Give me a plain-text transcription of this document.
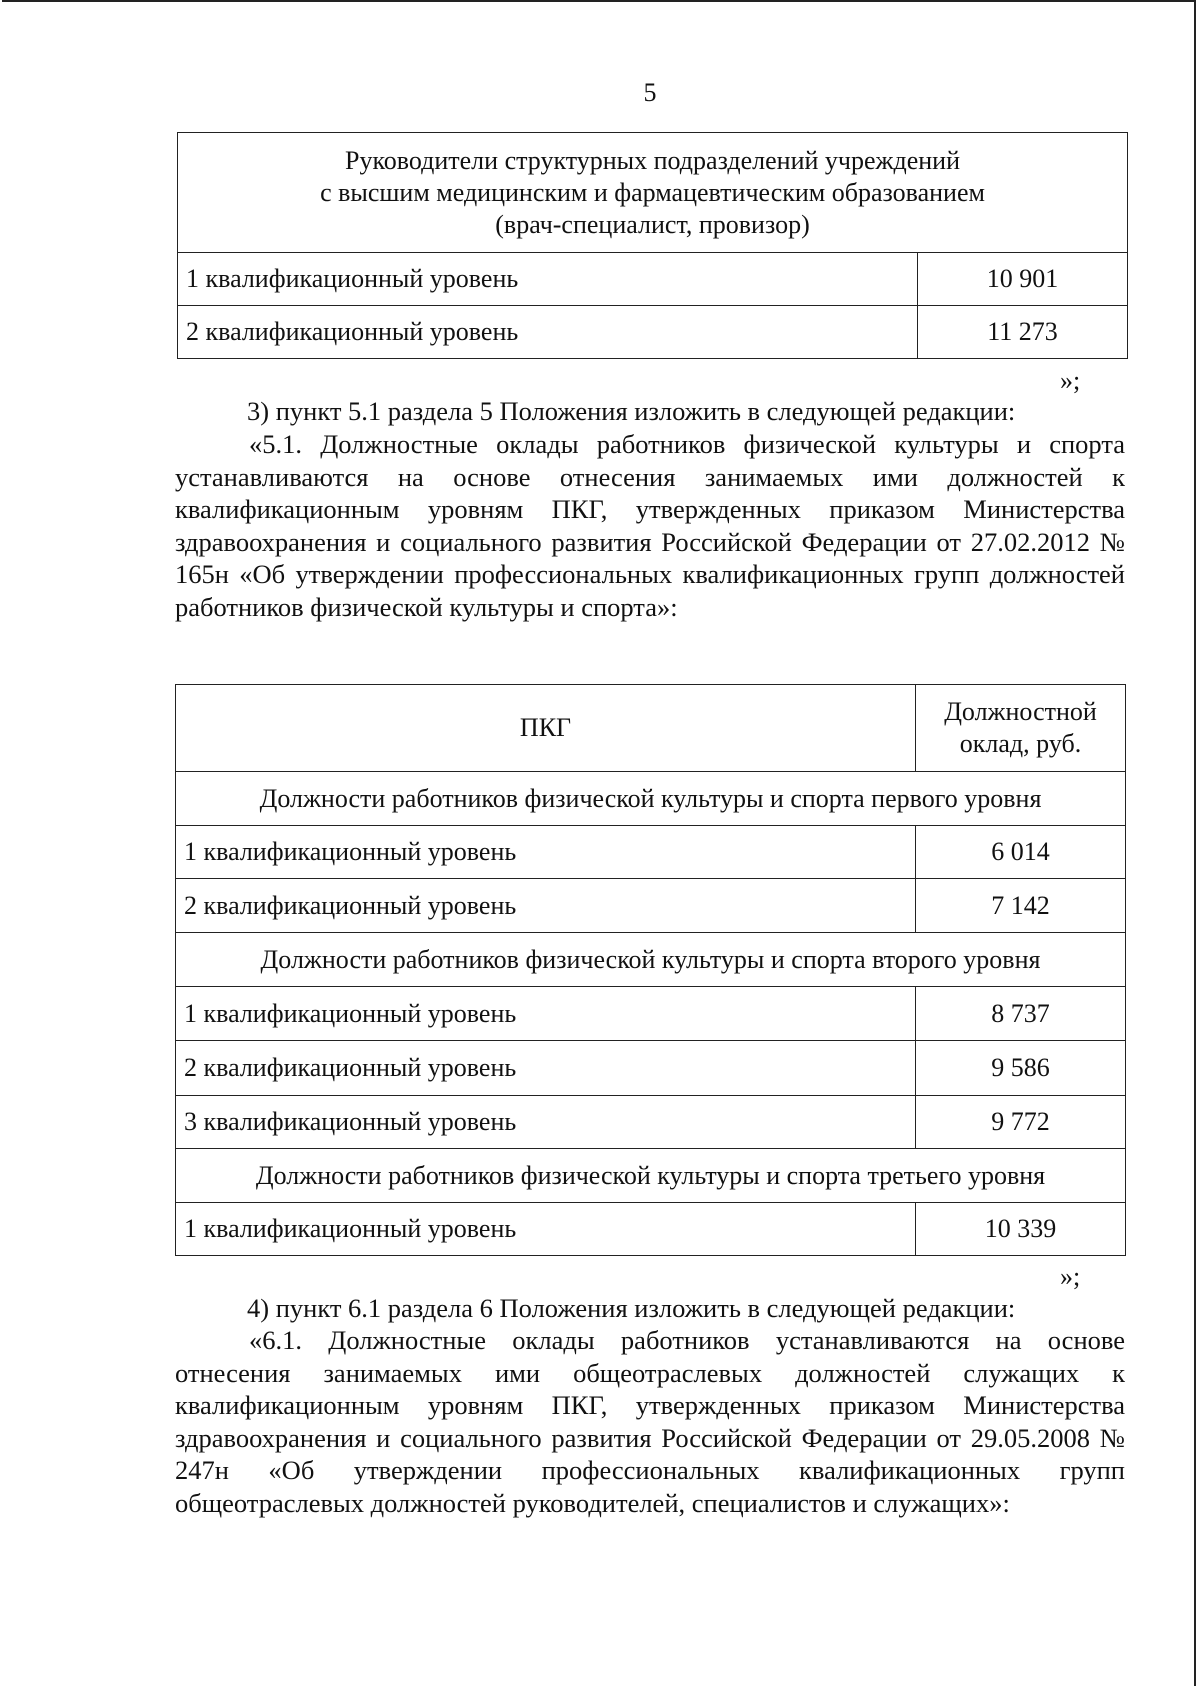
5
Руководители структурных подразделений учреждений
с высшим медицинским и фармацевтическим образованием
(врач-специалист, провизор)	

1 квалификационный уровень	10 901
2 квалификационный уровень	11 273
»;
3) пункт 5.1 раздела 5 Положения изложить в следующей редакции:

«5.1. Должностные оклады работников физической культуры и спорта устанавливаются на основе отнесения занимаемых ими должностей к квалификационным уровням ПКГ, утвержденных приказом Министерства здравоохранения и социального развития Российской Федерации от 27.02.2012 № 165н «Об утверждении профессиональных квалификационных групп должностей работников физической культуры и спорта»:

ПКГ	Должностной оклад, руб.
Должности работников физической культуры и спорта первого уровня	
1 квалификационный уровень	6 014
2 квалификационный уровень	7 142
Должности работников физической культуры и спорта второго уровня	
1 квалификационный уровень	8 737
2 квалификационный уровень	9 586
3 квалификационный уровень	9 772
Должности работников физической культуры и спорта третьего уровня	
1 квалификационный уровень	10 339
»;
4) пункт 6.1 раздела 6 Положения изложить в следующей редакции:

«6.1. Должностные оклады работников устанавливаются на основе отнесения занимаемых ими общеотраслевых должностей служащих к квалификационным уровням ПКГ, утвержденных приказом Министерства здравоохранения и социального развития Российской Федерации от 29.05.2008 № 247н «Об утверждении профессиональных квалификационных групп общеотраслевых должностей руководителей, специалистов и служащих»:
